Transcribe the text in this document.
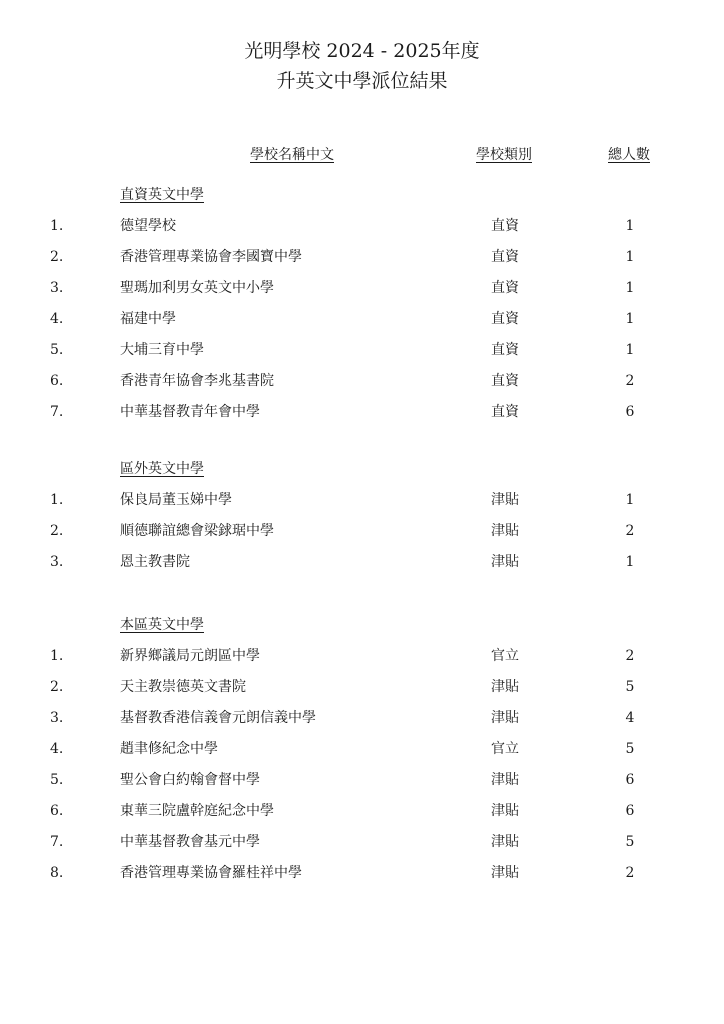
光明學校 2024 - 2025年度
升英文中學派位結果
學校名稱中文	學校類別	總人數
直資英文中學
1.	德望學校	直資	1
2.	香港管理專業協會李國寶中學	直資	1
3.	聖瑪加利男女英文中小學	直資	1
4.	福建中學	直資	1
5.	大埔三育中學	直資	1
6.	香港青年協會李兆基書院	直資	2
7.	中華基督教青年會中學	直資	6
區外英文中學
1.	保良局董玉娣中學	津貼	1
2.	順德聯誼總會梁銶琚中學	津貼	2
3.	恩主教書院	津貼	1
本區英文中學
1.	新界鄉議局元朗區中學	官立	2
2.	天主教崇德英文書院	津貼	5
3.	基督教香港信義會元朗信義中學	津貼	4
4.	趙聿修紀念中學	官立	5
5.	聖公會白約翰會督中學	津貼	6
6.	東華三院盧幹庭紀念中學	津貼	6
7.	中華基督教會基元中學	津貼	5
8.	香港管理專業協會羅桂祥中學	津貼	2
